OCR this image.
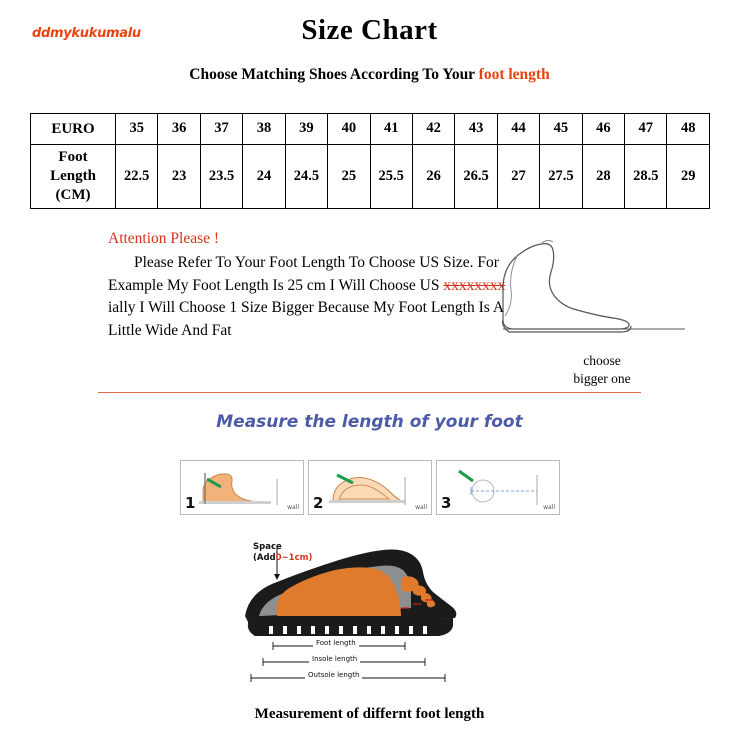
ddmykukumalu	Size Chart
Choose Matching Shoes According To Your foot length
EURO	35	36	37	38	39	40	41	42	43	44	45	46	47	48

Foot
Length
(CM)	22.5	23	23.5	24	24.5	25	25.5	26	26.5	27	27.5	28	28.5	29
Attention Please !
Please Refer To Your Foot Length To Choose US Size. For Example My Foot Length Is 25 cm I Will Choose US xxxxxxxx ially I Will Choose 1 Size Bigger Because My Foot Length Is A Little Wide And Fat
choose
bigger one
Measure the length of your foot
1	wall 2	wall 3	wall
Space
(Add0~1cm)
Foot length
Insole length
Outsole length
Measurement of differnt foot length
